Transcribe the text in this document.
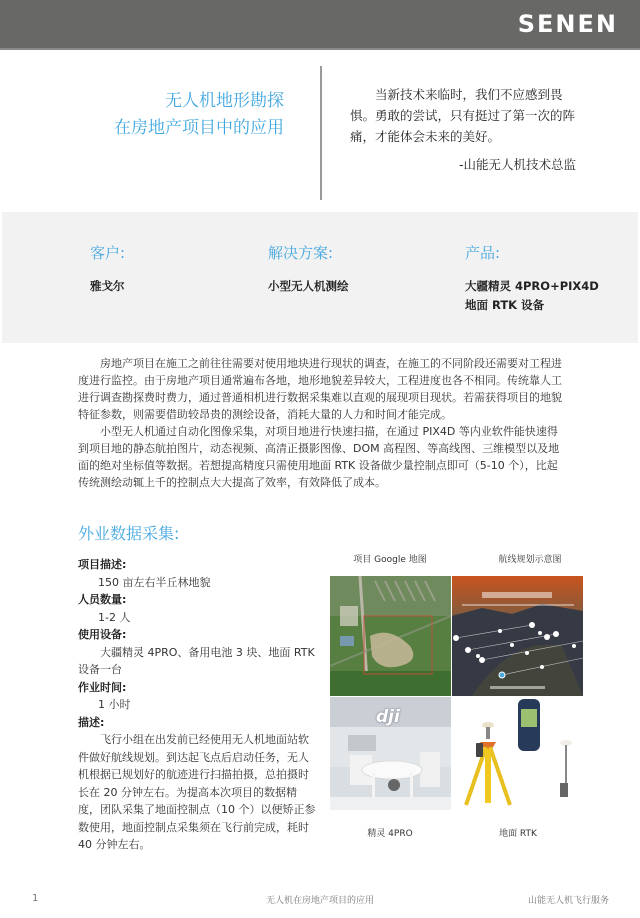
SENEN
无人机地形勘探
在房地产项目中的应用
当新技术来临时，我们不应感到畏惧。勇敢的尝试，只有挺过了第一次的阵痛，才能体会未来的美好。
-山能无人机技术总监
客户:
雅戈尔
解决方案:
小型无人机测绘
产品:
大疆精灵 4PRO+PIX4D
地面 RTK 设备

房地产项目在施工之前往往需要对使用地块进行现状的调查，在施工的不同阶段还需要对工程进度进行监控。由于房地产项目通常遍布各地，地形地貌差异较大，工程进度也各不相同。传统靠人工进行调查勘探费时费力，通过普通相机进行数据采集难以直观的展现项目现状。若需获得项目的地貌特征参数，则需要借助较昂贵的测绘设备，消耗大量的人力和时间才能完成。

小型无人机通过自动化图像采集，对项目地进行快速扫描，在通过 PIX4D 等内业软件能快速得到项目地的静态航拍图片，动态视频、高清正摄影图像、DOM 高程图、等高线图、三维模型以及地面的绝对坐标值等数据。若想提高精度只需使用地面 RTK 设备做少量控制点即可（5-10 个），比起传统测绘动辄上千的控制点大大提高了效率，有效降低了成本。

外业数据采集:
项目描述:
150 亩左右半丘林地貌
人员数量:
1-2 人
使用设备:
大疆精灵 4PRO、备用电池 3 块、地面 RTK 设备一台
作业时间:
1 小时
描述:
飞行小组在出发前已经使用无人机地面站软件做好航线规划。到达起飞点后启动任务，无人机根据已规划好的航迹进行扫描拍摄，总拍摄时长在 20 分钟左右。为提高本次项目的数据精度，团队采集了地面控制点（10 个）以便矫正参数使用，地面控制点采集须在飞行前完成，耗时 40 分钟左右。
项目 Google 地图	航线规划示意图
dji
精灵 4PRO	地面 RTK
1	无人机在房地产项目的应用	山能无人机飞行服务
